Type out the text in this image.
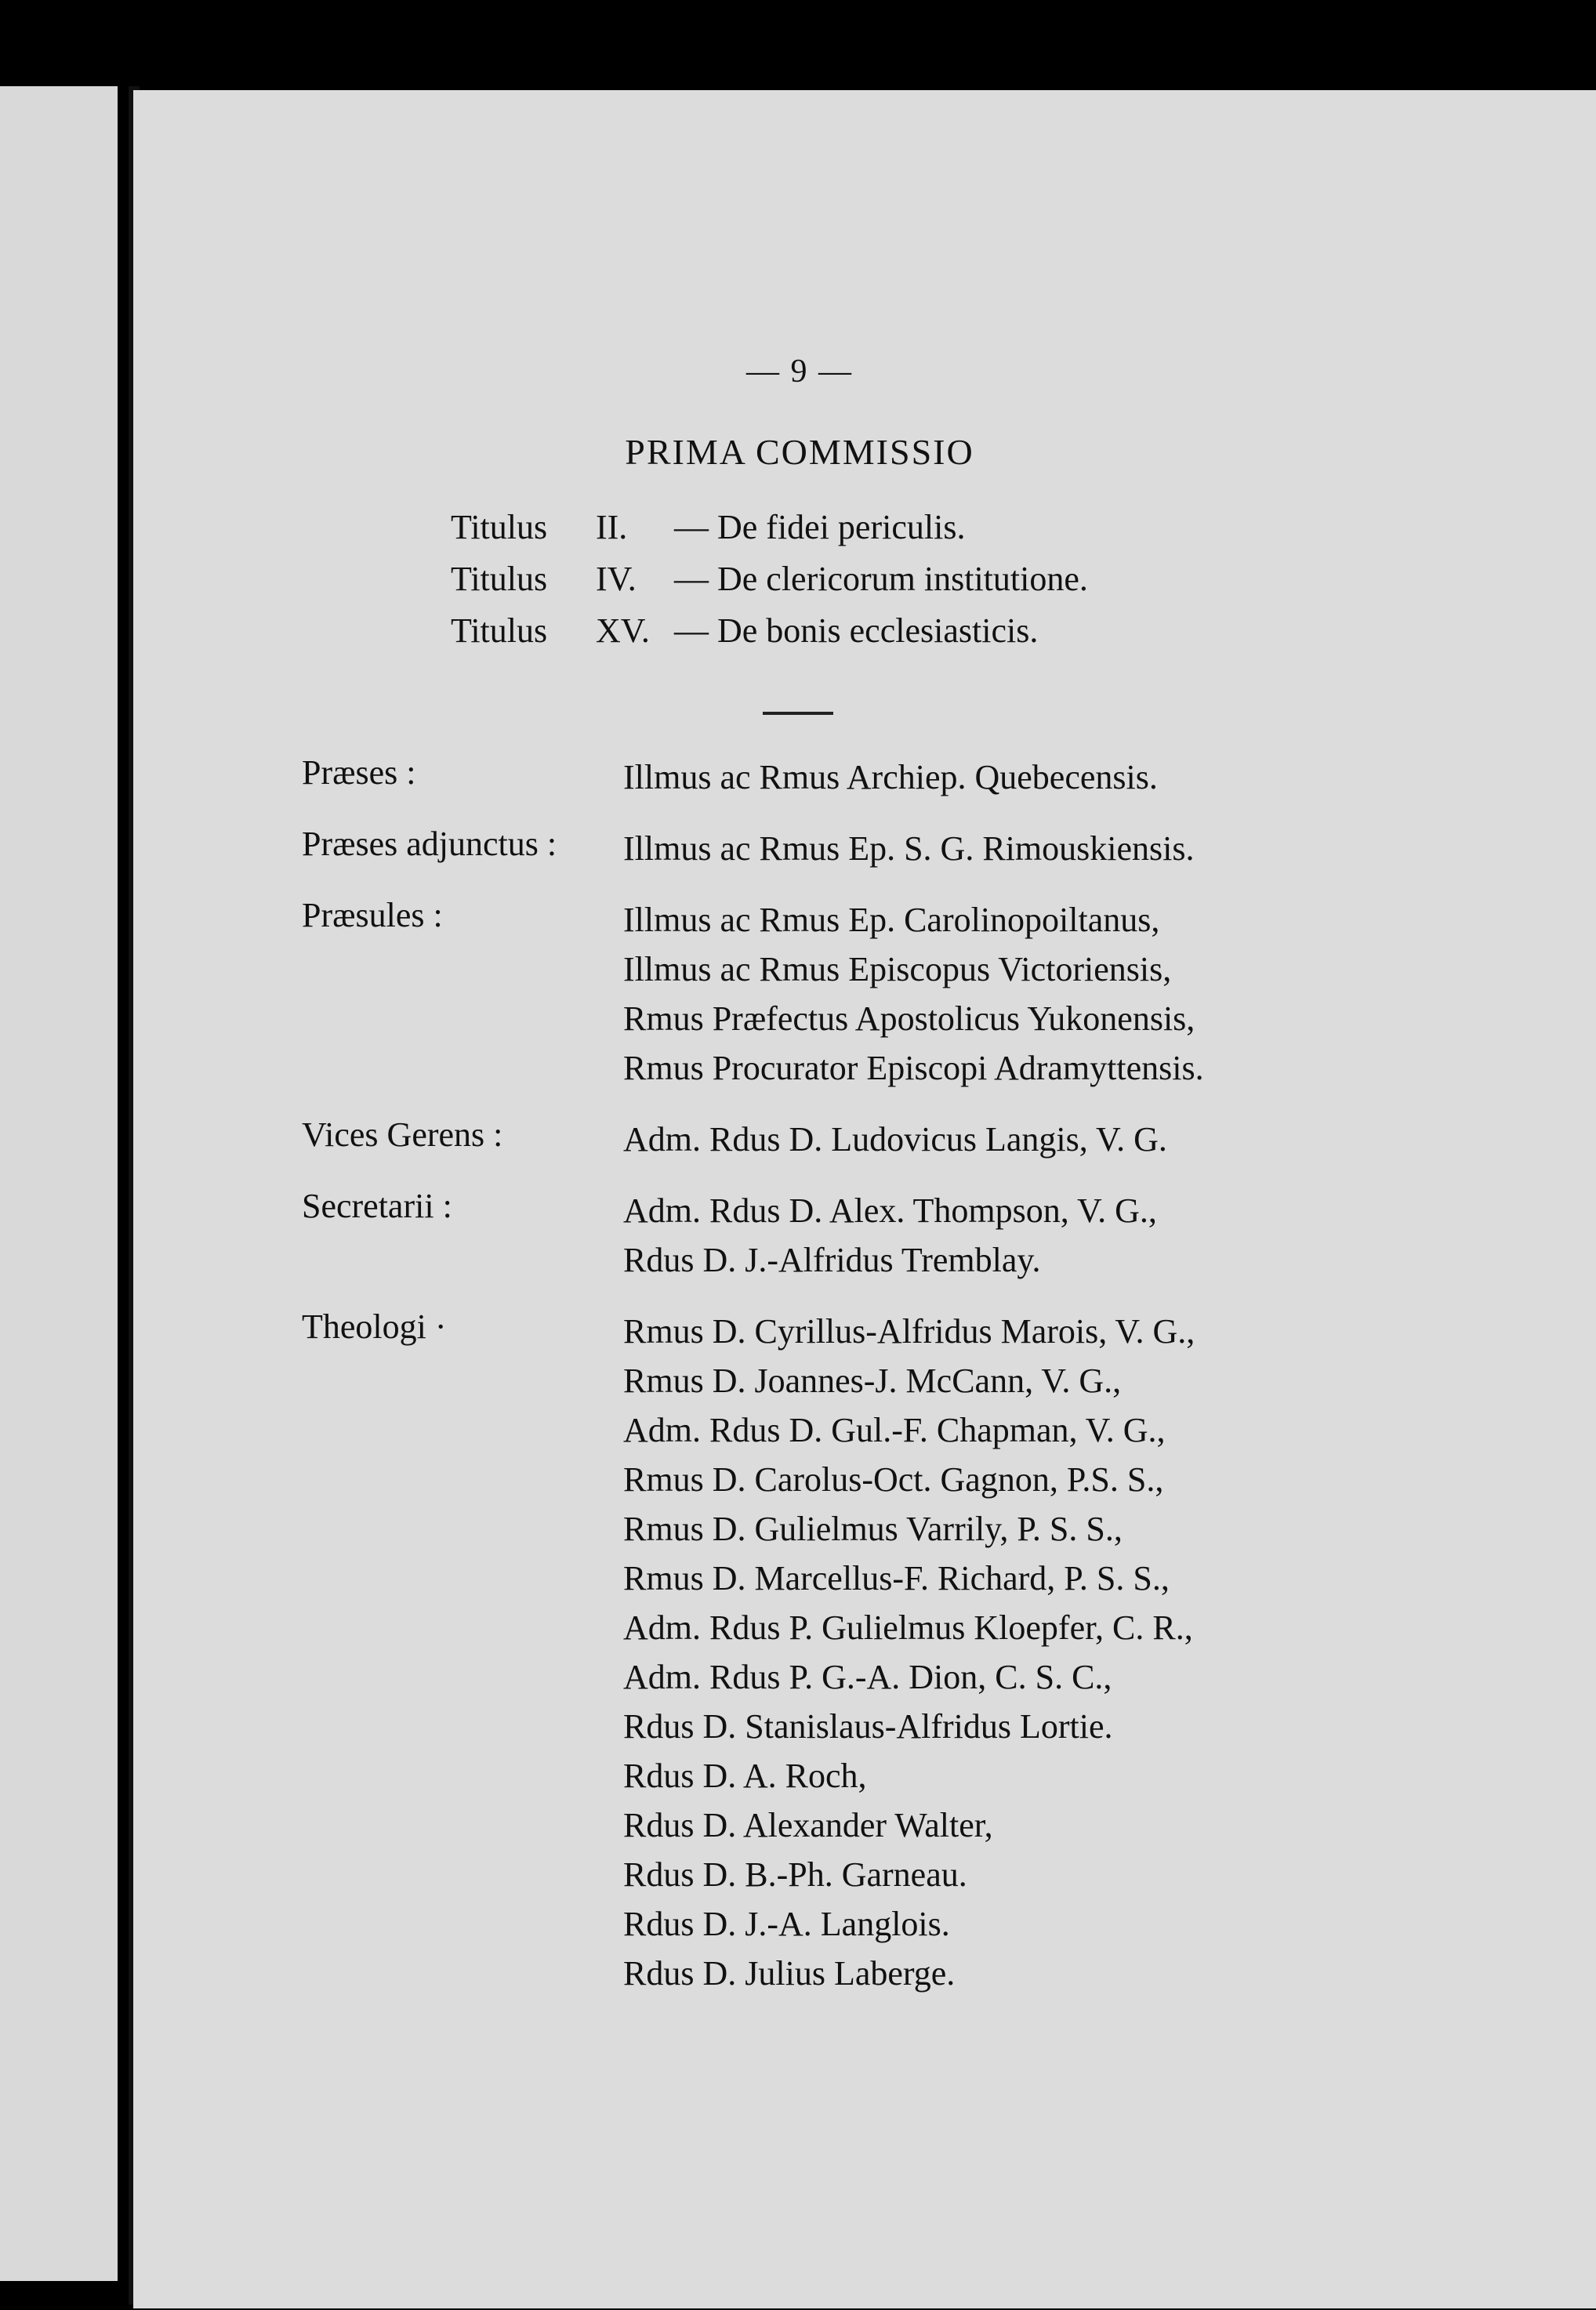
— 9 —
PRIMA COMMISSIO
Titulus	II.	— De fidei periculis.
Titulus	IV.	— De clericorum institutione.
Titulus	XV. — De bonis ecclesiasticis.
Præses :	Illmus ac Rmus Archiep. Quebecensis.
Præses adjunctus : Illmus ac Rmus Ep. S. G. Rimouskiensis.
Præsules :	Illmus ac Rmus Ep. Carolinopoiltanus,
Illmus ac Rmus Episcopus Victoriensis,
Rmus Præfectus Apostolicus Yukonensis,
Rmus Procurator Episcopi Adramyttensis.
Vices Gerens :	Adm. Rdus D. Ludovicus Langis, V. G.
Secretarii :	Adm. Rdus D. Alex. Thompson, V. G.,
Rdus D. J.-Alfridus Tremblay.
Theologi ·	Rmus D. Cyrillus-Alfridus Marois, V. G.,
Rmus D. Joannes-J. McCann, V. G.,
Adm. Rdus D. Gul.-F. Chapman, V. G.,
Rmus D. Carolus-Oct. Gagnon, P.S. S.,
Rmus D. Gulielmus Varrily, P. S. S.,
Rmus D. Marcellus-F. Richard, P. S. S.,
Adm. Rdus P. Gulielmus Kloepfer, C. R.,
Adm. Rdus P. G.-A. Dion, C. S. C.,
Rdus D. Stanislaus-Alfridus Lortie.
Rdus D. A. Roch,
Rdus D. Alexander Walter,
Rdus D. B.-Ph. Garneau.
Rdus D. J.-A. Langlois.
Rdus D. Julius Laberge.
